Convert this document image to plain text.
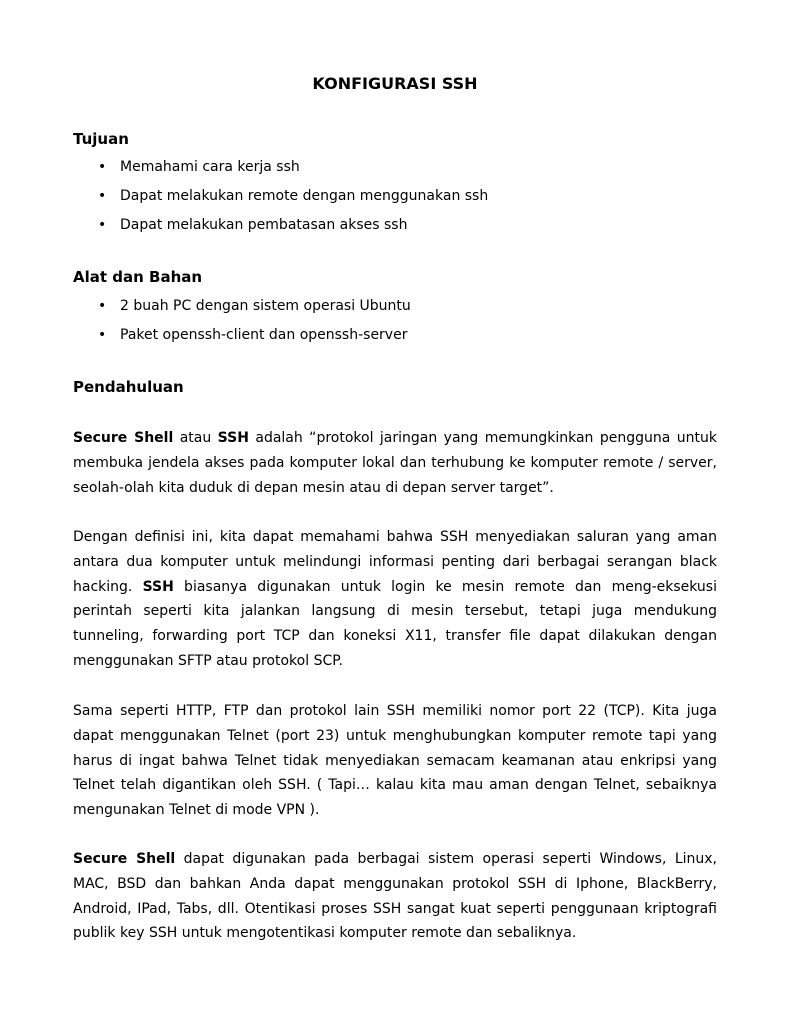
KONFIGURASI SSH
Tujuan
• Memahami cara kerja ssh
• Dapat melakukan remote dengan menggunakan ssh
• Dapat melakukan pembatasan akses ssh
Alat dan Bahan
• 2 buah PC dengan sistem operasi Ubuntu
• Paket openssh-client dan openssh-server
Pendahuluan

Secure Shell atau SSH adalah “protokol jaringan yang memungkinkan pengguna untuk membuka jendela akses pada komputer lokal dan terhubung ke komputer remote / server, seolah-olah kita duduk di depan mesin atau di depan server target”.

Dengan definisi ini, kita dapat memahami bahwa SSH menyediakan saluran yang aman antara dua komputer untuk melindungi informasi penting dari berbagai serangan black hacking. SSH biasanya digunakan untuk login ke mesin remote dan meng-eksekusi perintah seperti kita jalankan langsung di mesin tersebut, tetapi juga mendukung tunneling, forwarding port TCP dan koneksi X11, transfer file dapat dilakukan dengan menggunakan SFTP atau protokol SCP.

Sama seperti HTTP, FTP dan protokol lain SSH memiliki nomor port 22 (TCP). Kita juga dapat menggunakan Telnet (port 23) untuk menghubungkan komputer remote tapi yang harus di ingat bahwa Telnet tidak menyediakan semacam keamanan atau enkripsi yang Telnet telah digantikan oleh SSH. ( Tapi… kalau kita mau aman dengan Telnet, sebaiknya mengunakan Telnet di mode VPN ).

Secure Shell dapat digunakan pada berbagai sistem operasi seperti Windows, Linux, MAC, BSD dan bahkan Anda dapat menggunakan protokol SSH di Iphone, BlackBerry, Android, IPad, Tabs, dll. Otentikasi proses SSH sangat kuat seperti penggunaan kriptografi publik key SSH untuk mengotentikasi komputer remote dan sebaliknya.
